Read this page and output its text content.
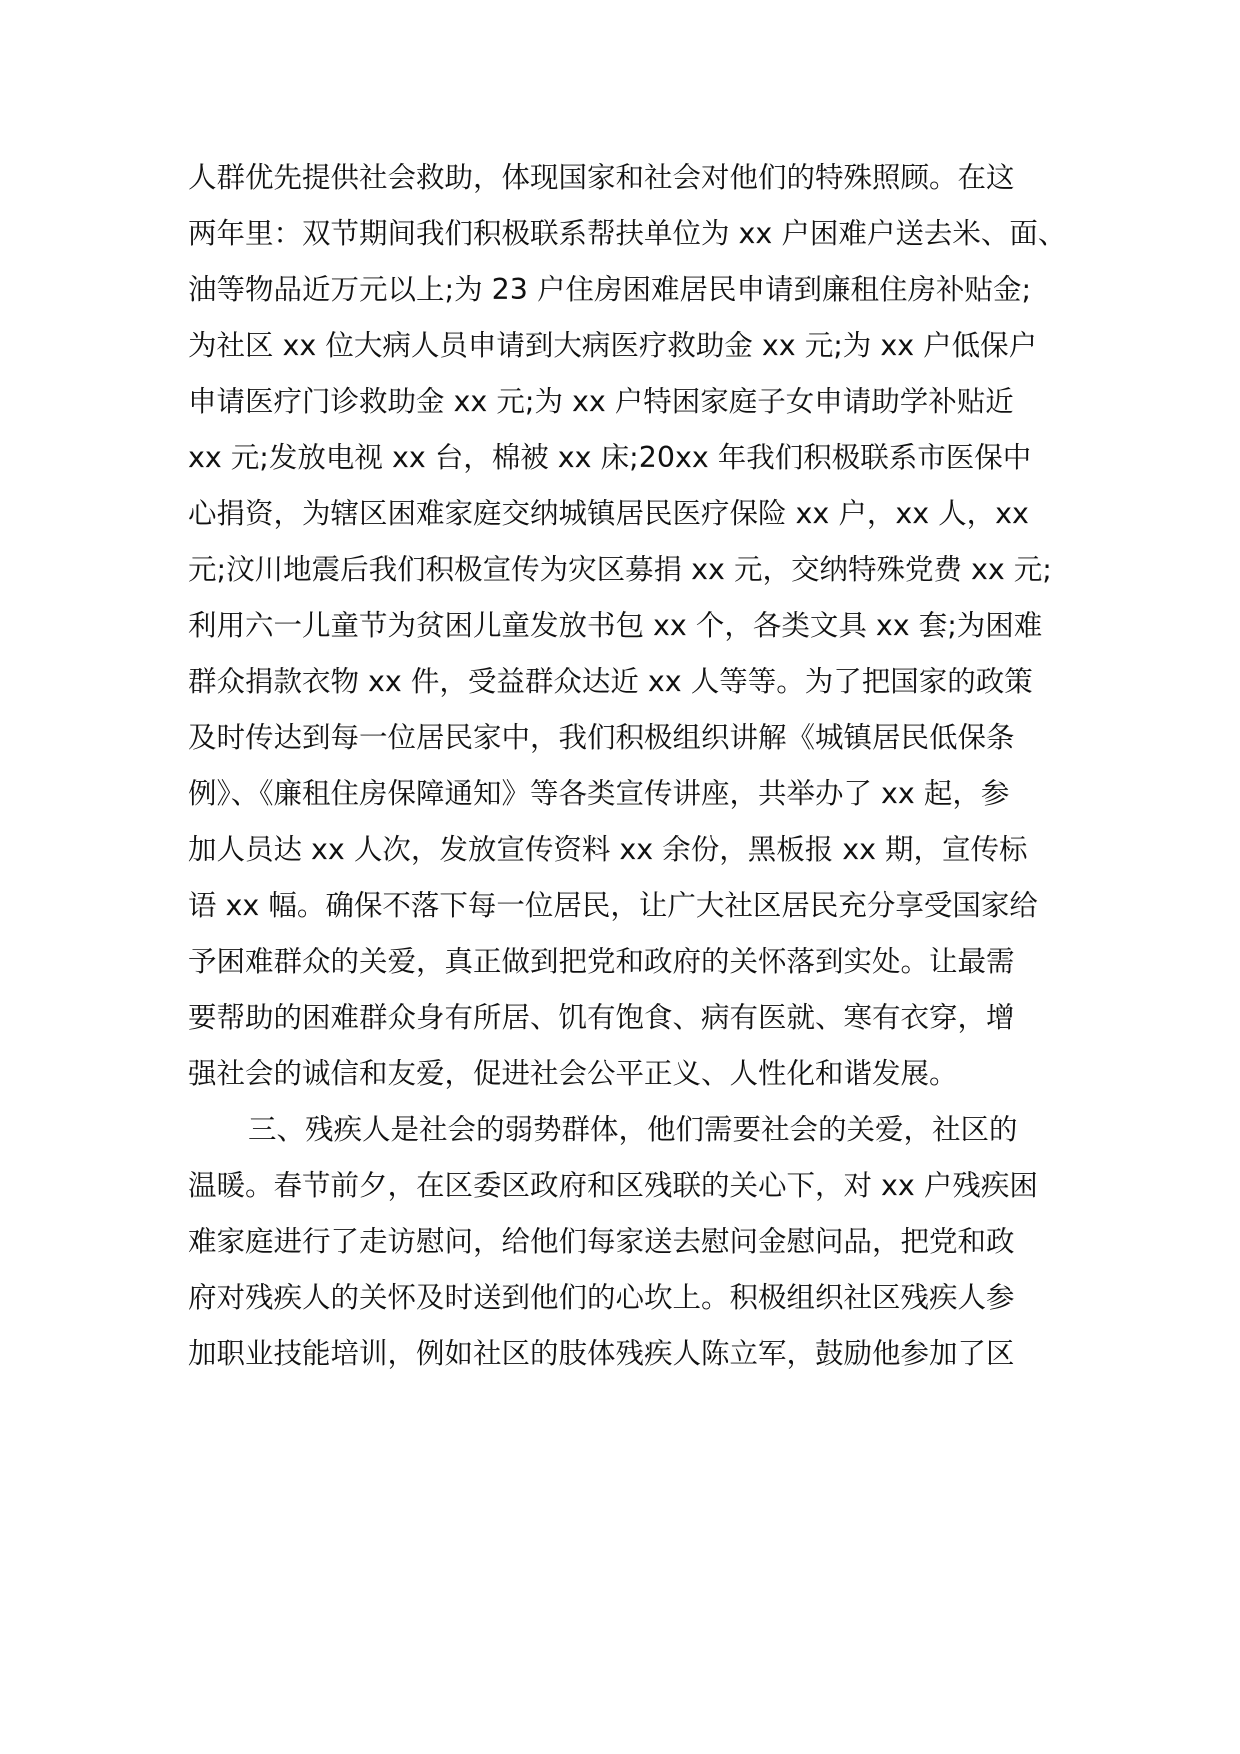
人群优先提供社会救助，体现国家和社会对他们的特殊照顾。在这
两年里：双节期间我们积极联系帮扶单位为 xx 户困难户送去米、面、
油等物品近万元以上;为 23 户住房困难居民申请到廉租住房补贴金;
为社区 xx 位大病人员申请到大病医疗救助金 xx 元;为 xx 户低保户
申请医疗门诊救助金 xx 元;为 xx 户特困家庭子女申请助学补贴近
xx 元;发放电视 xx 台，棉被 xx 床;20xx 年我们积极联系市医保中
心捐资，为辖区困难家庭交纳城镇居民医疗保险 xx 户，xx 人，xx
元;汶川地震后我们积极宣传为灾区募捐 xx 元，交纳特殊党费 xx 元;
利用六一儿童节为贫困儿童发放书包 xx 个，各类文具 xx 套;为困难
群众捐款衣物 xx 件，受益群众达近 xx 人等等。为了把国家的政策
及时传达到每一位居民家中，我们积极组织讲解《城镇居民低保条
例》、《廉租住房保障通知》等各类宣传讲座，共举办了 xx 起，参
加人员达 xx 人次，发放宣传资料 xx 余份，黑板报 xx 期，宣传标
语 xx 幅。确保不落下每一位居民，让广大社区居民充分享受国家给
予困难群众的关爱，真正做到把党和政府的关怀落到实处。让最需
要帮助的困难群众身有所居、饥有饱食、病有医就、寒有衣穿，增
强社会的诚信和友爱，促进社会公平正义、人性化和谐发展。
三、残疾人是社会的弱势群体，他们需要社会的关爱，社区的
温暖。春节前夕，在区委区政府和区残联的关心下，对 xx 户残疾困
难家庭进行了走访慰问，给他们每家送去慰问金慰问品，把党和政
府对残疾人的关怀及时送到他们的心坎上。积极组织社区残疾人参
加职业技能培训，例如社区的肢体残疾人陈立军，鼓励他参加了区
